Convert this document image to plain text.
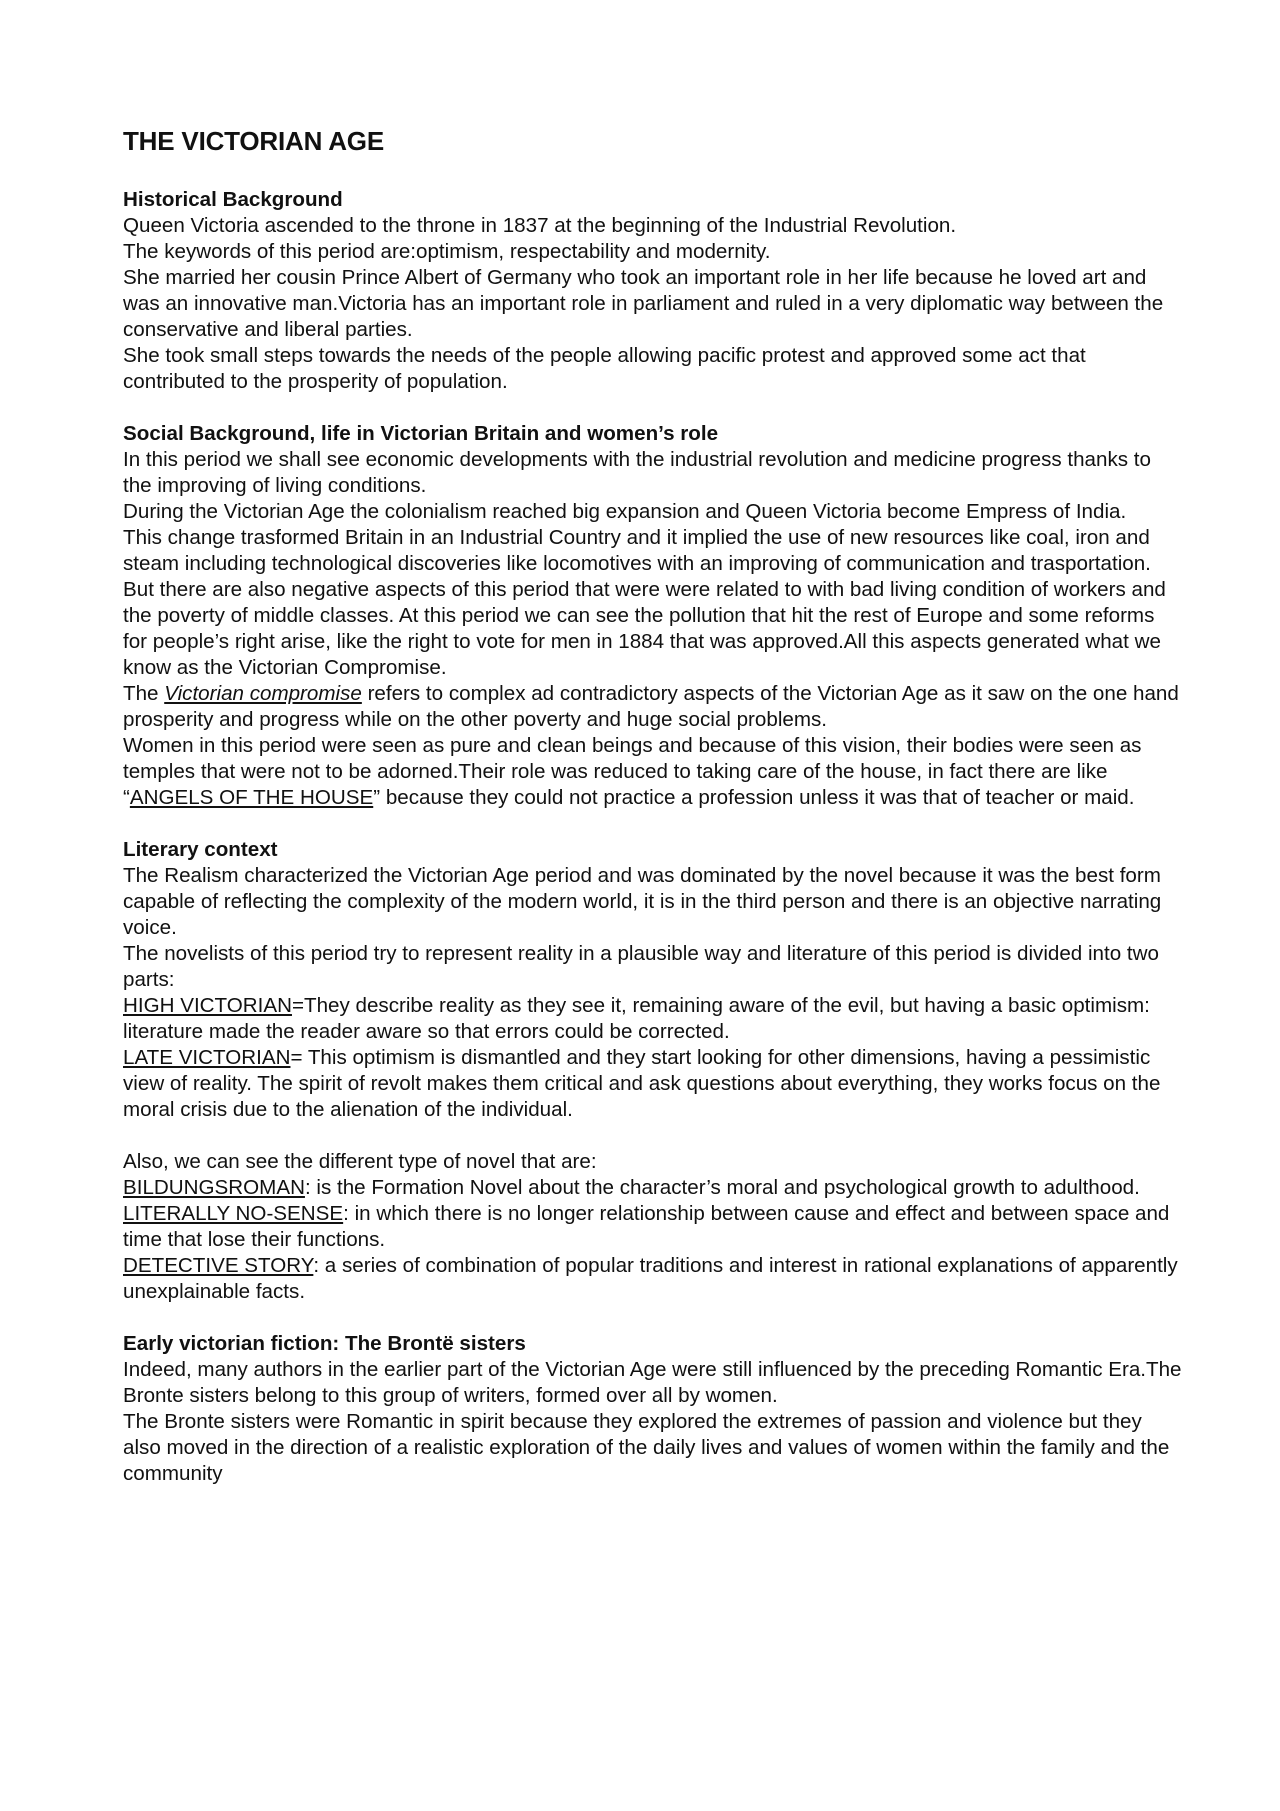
THE VICTORIAN AGE
Historical Background

Queen Victoria ascended to the throne in 1837 at the beginning of the Industrial Revolution.

The keywords of this period are:optimism, respectability and modernity.

She married her cousin Prince Albert of Germany who took an important role in her life because he loved art and was an innovative man.Victoria has an important role in parliament and ruled in a very diplomatic way between the conservative and liberal parties.

She took small steps towards the needs of the people allowing pacific protest and approved some act that contributed to the prosperity of population.

Social Background, life in Victorian Britain and women’s role

In this period we shall see economic developments with the industrial revolution and medicine progress thanks to the improving of living conditions.

During the Victorian Age the colonialism reached big expansion and Queen Victoria become Empress of India.

This change trasformed Britain in an Industrial Country and it implied the use of new resources like coal, iron and steam including technological discoveries like locomotives with an improving of communication and trasportation.

But there are also negative aspects of this period that were were related to with bad living condition of workers and the poverty of middle classes. At this period we can see the pollution that hit the rest of Europe and some reforms for people’s right arise, like the right to vote for men in 1884 that was approved.All this aspects generated what we know as the Victorian Compromise.

The Victorian compromise refers to complex ad contradictory aspects of the Victorian Age as it saw on the one hand prosperity and progress while on the other poverty and huge social problems.

Women in this period were seen as pure and clean beings and because of this vision, their bodies were seen as temples that were not to be adorned.Their role was reduced to taking care of the house, in fact there are like “ANGELS OF THE HOUSE” because they could not practice a profession unless it was that of teacher or maid.

Literary context

The Realism characterized the Victorian Age period and was dominated by the novel because it was the best form capable of reflecting the complexity of the modern world, it is in the third person and there is an objective narrating voice.

The novelists of this period try to represent reality in a plausible way and literature of this period is divided into two parts:

HIGH VICTORIAN=They describe reality as they see it, remaining aware of the evil, but having a basic optimism: literature made the reader aware so that errors could be corrected.

LATE VICTORIAN= This optimism is dismantled and they start looking for other dimensions, having a pessimistic view of reality. The spirit of revolt makes them critical and ask questions about everything, they works focus on the moral crisis due to the alienation of the individual.

Also, we can see the different type of novel that are:

BILDUNGSROMAN: is the Formation Novel about the character’s moral and psychological growth to adulthood.

LITERALLY NO-SENSE: in which there is no longer relationship between cause and effect and between space and time that lose their functions.

DETECTIVE STORY: a series of combination of popular traditions and interest in rational explanations of apparently unexplainable facts.

Early victorian fiction: The Brontë sisters

Indeed, many authors in the earlier part of the Victorian Age were still influenced by the preceding Romantic Era.The Bronte sisters belong to this group of writers, formed over all by women.

The Bronte sisters were Romantic in spirit because they explored the extremes of passion and violence but they also moved in the direction of a realistic exploration of the daily lives and values of women within the family and the community
